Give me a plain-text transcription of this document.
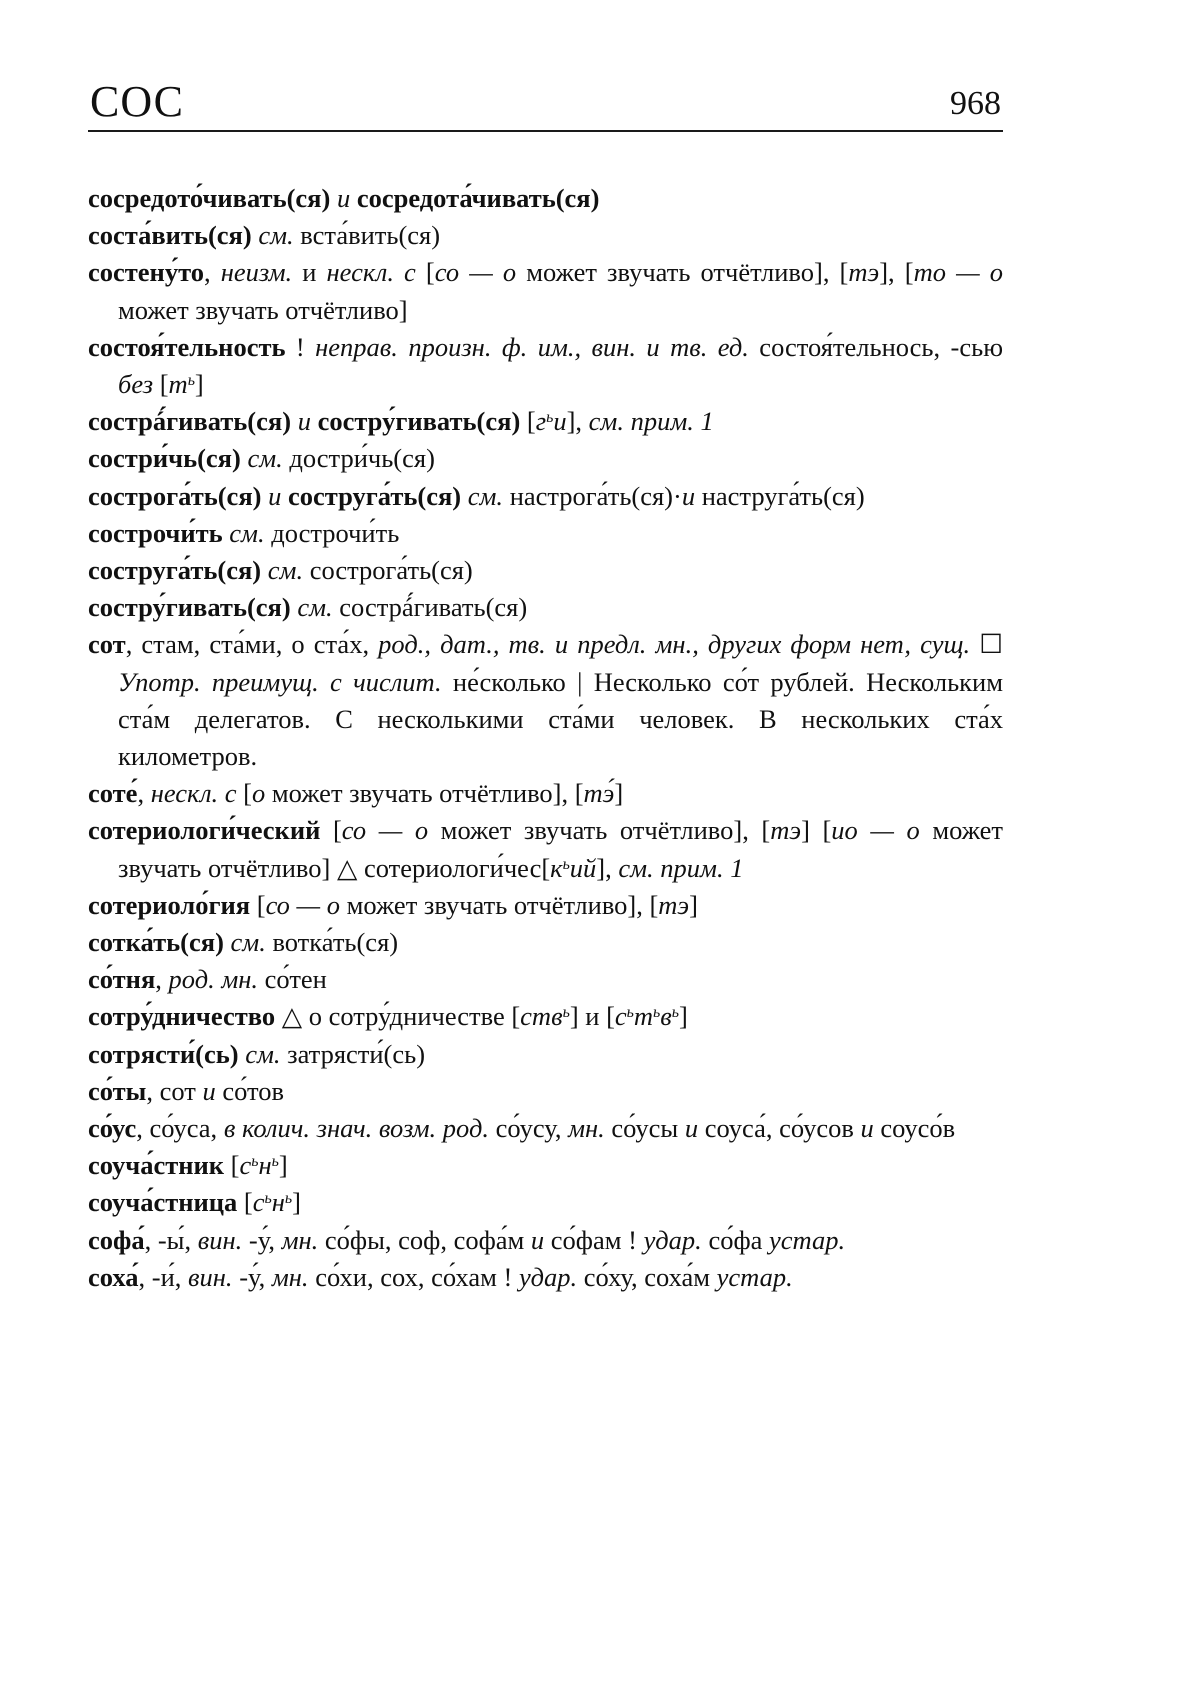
СОС	968

сосредото́чивать(ся) и сосредота́чивать(ся)

соста́вить(ся) см. вста́вить(ся)

состену́то, неизм. и нескл. с [со — о может звучать отчётливо], [тэ], [то — о может звучать отчётливо]

состоя́тельность ! неправ. произн. ф. им., вин. и тв. ед. состоя́тельнось, -сью без $[т^ь]$

сострá́гивать(ся) и состру́гивать(ся) $[г^ьи]$, см. прим. 1

состри́чь(ся) см. достри́чь(ся)

сострога́ть(ся) и соструга́ть(ся) см. настрога́ть(ся)·и наструга́ть(ся)

сострочи́ть см. дострочи́ть

соструга́ть(ся) см. сострога́ть(ся)

состру́гивать(ся) см. сострá́гивать(ся)

сот, стам, ста́ми, о ста́х, род., дат., тв. и предл. мн., других форм нет, сущ. ☐ Употр. преимущ. с числит. не́сколько | Несколько со́т рублей. Нескольким ста́м делегатов. С несколькими ста́ми человек. В нескольких ста́х километров.

соте́, нескл. с [о может звучать отчётливо], [тэ́]

сотериологи́ческий [со — о может звучать отчётливо], [тэ] [ио — о может звучать отчётливо] △ $сотериологи́чес[к^ьий]$, см. прим. 1

сотериоло́гия [со — о может звучать отчётливо], [тэ]

сотка́ть(ся) см. вотка́ть(ся)

со́тня, род. мн. со́тен

сотру́дничество △ о сотру́дничестве [ств$^ь$] и $[с^ьт^ьв^ь]$

сотрясти́(сь) см. затрясти́(сь)

со́ты, сот и со́тов

со́ус, со́уса, в колич. знач. возм. род. со́усу, мн. со́усы и соуса́, со́усов и соусо́в

соуча́стник $[с^ьн^ь]$

соуча́стница $[с^ьн^ь]$

софа́, -ы́, вин. -у́, мн. со́фы, соф, софа́м и со́фам ! удар. со́фа устар.

соха́, -и́, вин. -у́, мн. со́хи, сох, со́хам ! удар. со́ху, соха́м устар.
